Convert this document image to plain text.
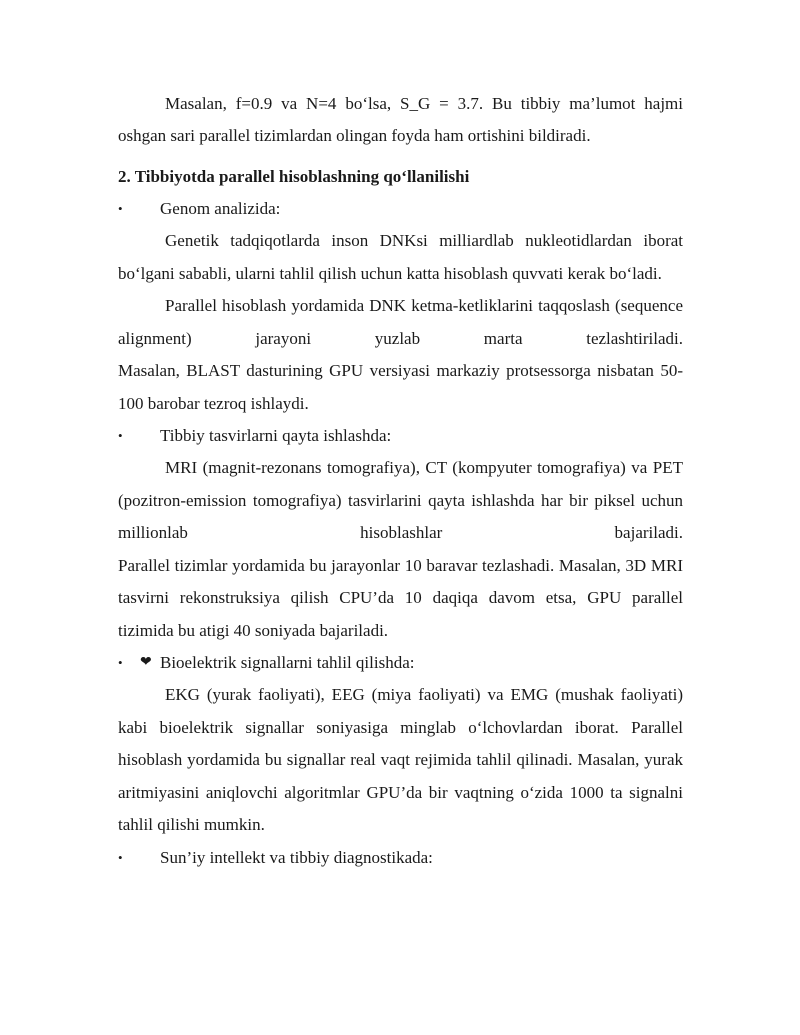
Masalan, f=0.9 va N=4 bo‘lsa, S_G = 3.7. Bu tibbiy ma’lumot hajmi oshgan sari parallel tizimlardan olingan foyda ham ortishini bildiradi.

2. Tibbiyotda parallel hisoblashning qo‘llanilishi

• Genom analizida:

Genetik tadqiqotlarda inson DNKsi milliardlab nukleotidlardan iborat bo‘lgani sababli, ularni tahlil qilish uchun katta hisoblash quvvati kerak bo‘ladi.

Parallel hisoblash yordamida DNK ketma-ketliklarini taqqoslash (sequence alignment) jarayoni yuzlab marta tezlashtiriladi.

Masalan, BLAST dasturining GPU versiyasi markaziy protsessorga nisbatan 50-100 barobar tezroq ishlaydi.

• Tibbiy tasvirlarni qayta ishlashda:

MRI (magnit-rezonans tomografiya), CT (kompyuter tomografiya) va PET (pozitron-emission tomografiya) tasvirlarini qayta ishlashda har bir piksel uchun millionlab hisoblashlar bajariladi.

Parallel tizimlar yordamida bu jarayonlar 10 baravar tezlashadi. Masalan, 3D MRI tasvirni rekonstruksiya qilish CPU’da 10 daqiqa davom etsa, GPU parallel tizimida bu atigi 40 soniyada bajariladi.

• ❤ Bioelektrik signallarni tahlil qilishda:

EKG (yurak faoliyati), EEG (miya faoliyati) va EMG (mushak faoliyati) kabi bioelektrik signallar soniyasiga minglab o‘lchovlardan iborat. Parallel hisoblash yordamida bu signallar real vaqt rejimida tahlil qilinadi. Masalan, yurak aritmiyasini aniqlovchi algoritmlar GPU’da bir vaqtning o‘zida 1000 ta signalni tahlil qilishi mumkin.

• Sun’iy intellekt va tibbiy diagnostikada:
